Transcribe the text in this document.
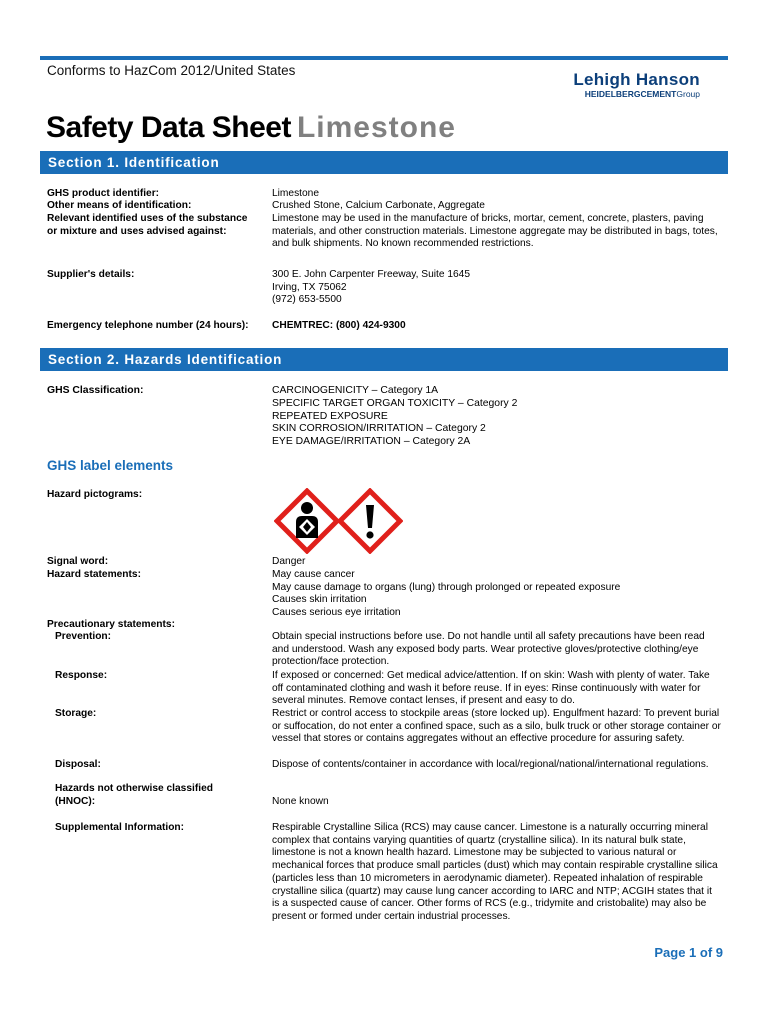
Conforms to HazCom 2012/United States	Lehigh Hanson
HEIDELBERGCEMENTGroup
Safety Data Sheet Limestone
Section 1. Identification
GHS product identifier:	Limestone
Other means of identification:	Crushed Stone, Calcium Carbonate, Aggregate
Relevant identified uses of the substance
or mixture and uses advised against:
Limestone may be used in the manufacture of bricks, mortar, cement, concrete, plasters, paving materials, and other construction materials. Limestone aggregate may be distributed in bags, totes, and bulk shipments. No known recommended restrictions.
Supplier's details:	300 E. John Carpenter Freeway, Suite 1645
Irving, TX 75062
(972) 653-5500
Emergency telephone number (24 hours):	CHEMTREC: (800) 424-9300
Section 2. Hazards Identification
GHS Classification:	CARCINOGENICITY – Category 1A
SPECIFIC TARGET ORGAN TOXICITY – Category 2
REPEATED EXPOSURE
SKIN CORROSION/IRRITATION – Category 2
EYE DAMAGE/IRRITATION – Category 2A
GHS label elements
Hazard pictograms:
Signal word:	Danger
Hazard statements:	May cause cancer
May cause damage to organs (lung) through prolonged or repeated exposure
Causes skin irritation
Causes serious eye irritation
Precautionary statements:
Prevention:	Obtain special instructions before use. Do not handle until all safety precautions have been read and understood. Wash any exposed body parts. Wear protective gloves/protective clothing/eye protection/face protection.
Response:	If exposed or concerned: Get medical advice/attention. If on skin: Wash with plenty of water. Take off contaminated clothing and wash it before reuse. If in eyes: Rinse continuously with water for several minutes. Remove contact lenses, if present and easy to do.
Storage:	Restrict or control access to stockpile areas (store locked up). Engulfment hazard: To prevent burial or suffocation, do not enter a confined space, such as a silo, bulk truck or other storage container or vessel that stores or contains aggregates without an effective procedure for assuring safety.
Disposal:	Dispose of contents/container in accordance with local/regional/national/international regulations.
Hazards not otherwise classified
(HNOC):	None known
Supplemental Information:	Respirable Crystalline Silica (RCS) may cause cancer. Limestone is a naturally occurring mineral complex that contains varying quantities of quartz (crystalline silica). In its natural bulk state, limestone is not a known health hazard. Limestone may be subjected to various natural or mechanical forces that produce small particles (dust) which may contain respirable crystalline silica (particles less than 10 micrometers in aerodynamic diameter). Repeated inhalation of respirable crystalline silica (quartz) may cause lung cancer according to IARC and NTP; ACGIH states that it is a suspected cause of cancer. Other forms of RCS (e.g., tridymite and cristobalite) may also be present or formed under certain industrial processes.
Page 1 of 9
